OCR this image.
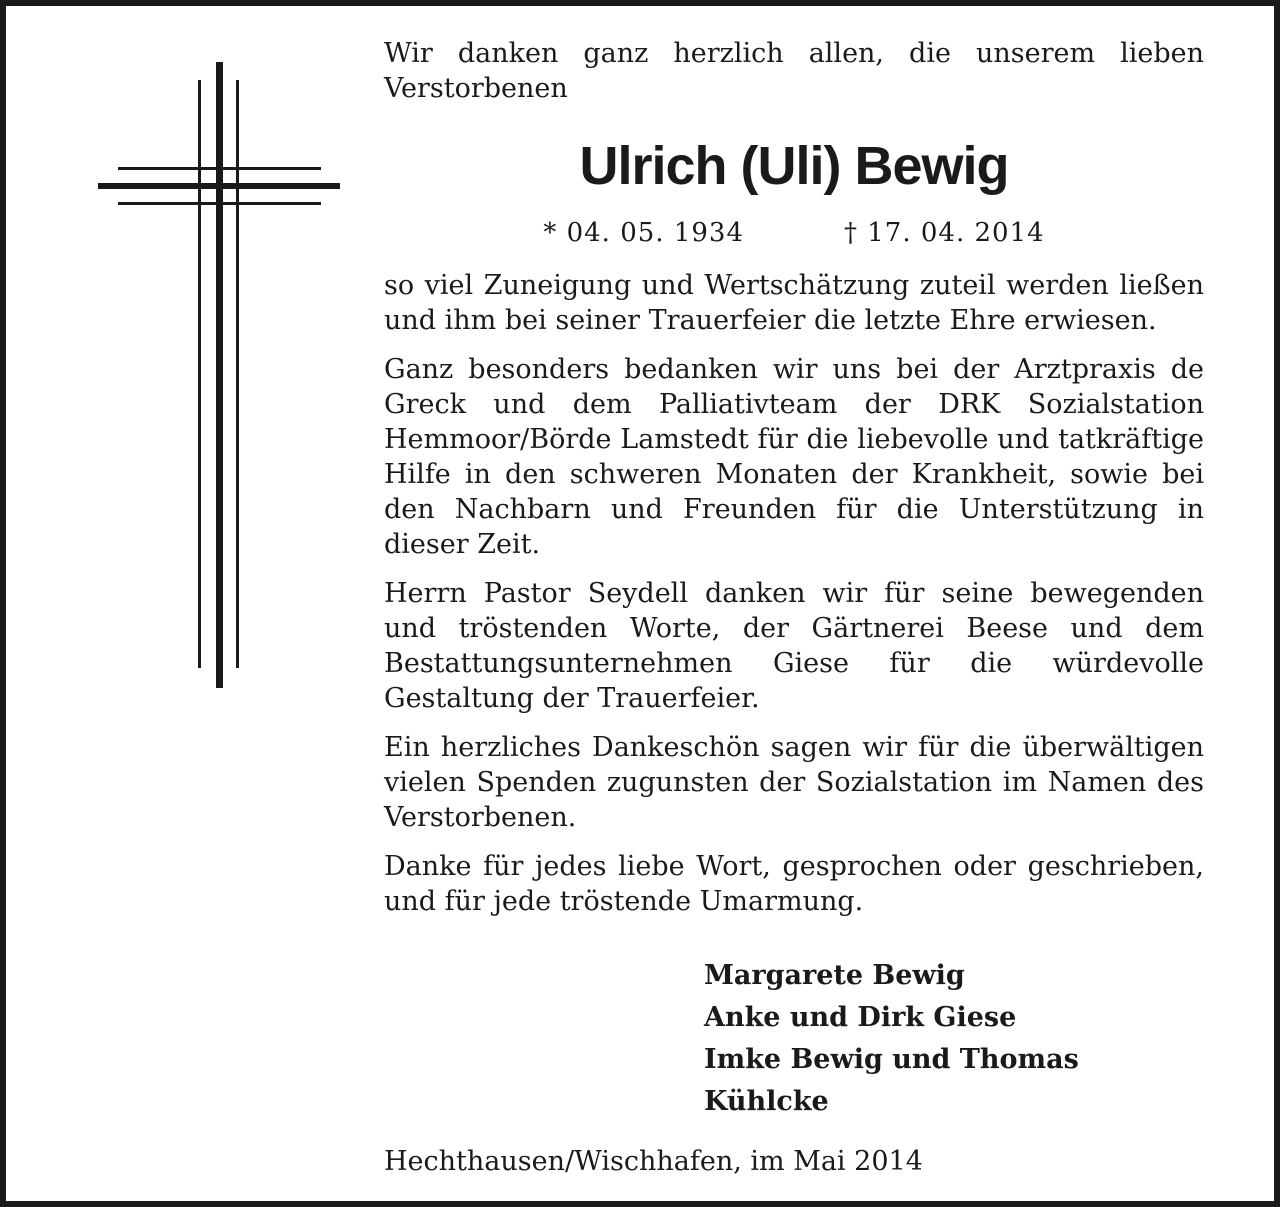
Wir danken ganz herzlich allen, die unserem lieben Verstorbenen

Ulrich (Uli) Bewig
* 04. 05. 1934	† 17. 04. 2014

so viel Zuneigung und Wertschätzung zuteil werden ließen und ihm bei seiner Trauerfeier die letzte Ehre erwiesen.

Ganz besonders bedanken wir uns bei der Arztpraxis de Greck und dem Palliativteam der DRK Sozialstation Hemmoor/Börde Lamstedt für die liebevolle und tatkräftige Hilfe in den schweren Monaten der Krankheit, sowie bei den Nachbarn und Freunden für die Unterstützung in dieser Zeit.

Herrn Pastor Seydell danken wir für seine bewegenden und tröstenden Worte, der Gärtnerei Beese und dem Bestattungsunternehmen Giese für die würdevolle Gestaltung der Trauerfeier.

Ein herzliches Dankeschön sagen wir für die überwältigen vielen Spenden zugunsten der Sozialstation im Namen des Verstorbenen.

Danke für jedes liebe Wort, gesprochen oder geschrieben, und für jede tröstende Umarmung.

Margarete Bewig
Anke und Dirk Giese
Imke Bewig und Thomas Kühlcke
Hechthausen/Wischhafen, im Mai 2014
